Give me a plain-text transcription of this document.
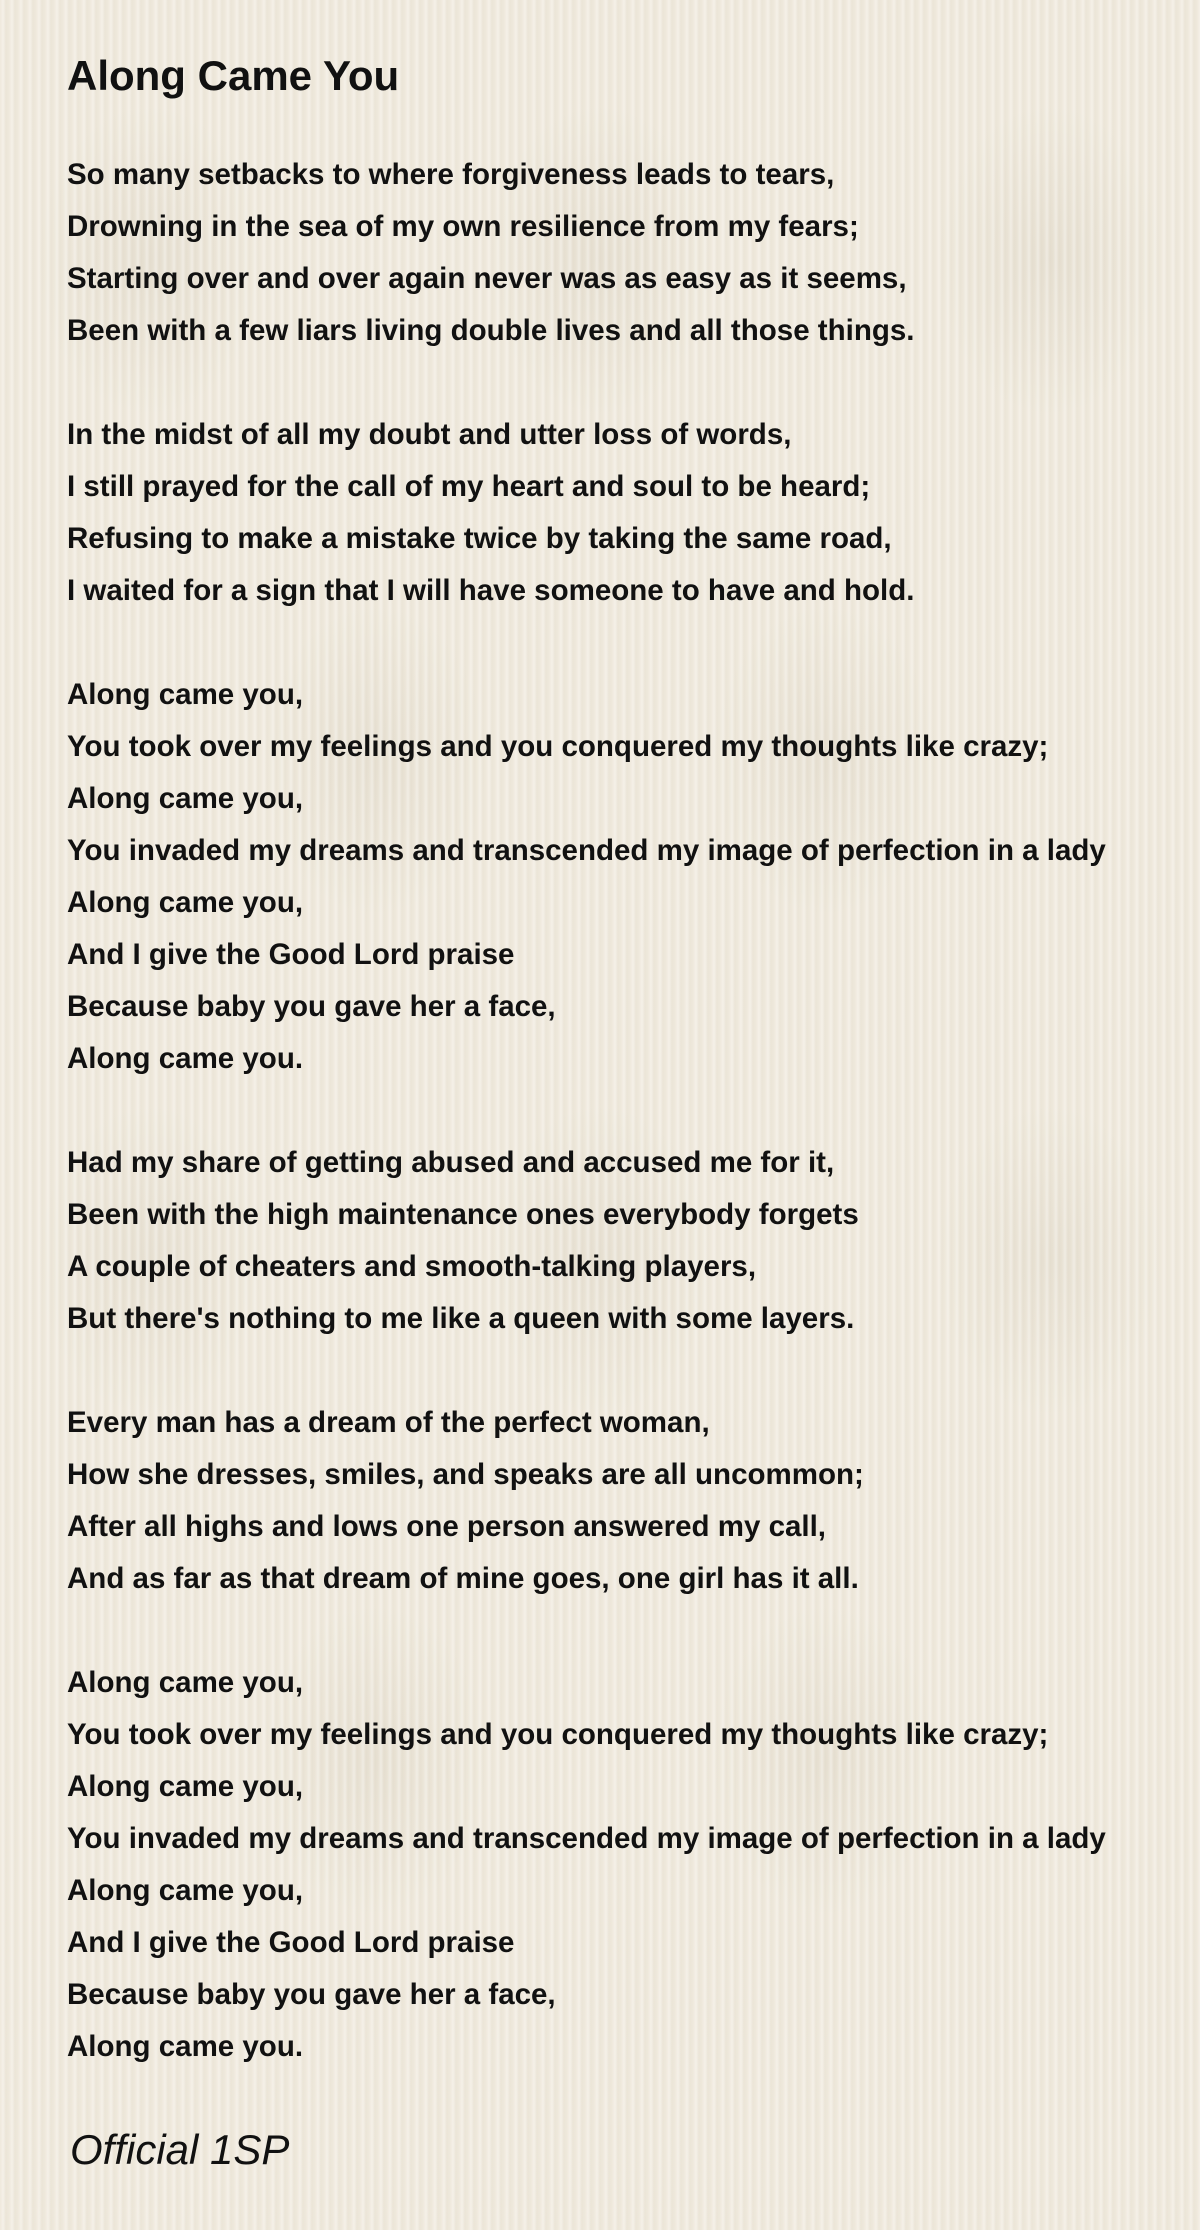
Along Came You
So many setbacks to where forgiveness leads to tears,
Drowning in the sea of my own resilience from my fears;
Starting over and over again never was as easy as it seems,
Been with a few liars living double lives and all those things.
In the midst of all my doubt and utter loss of words,
I still prayed for the call of my heart and soul to be heard;
Refusing to make a mistake twice by taking the same road,
I waited for a sign that I will have someone to have and hold.
Along came you,
You took over my feelings and you conquered my thoughts like crazy;
Along came you,
You invaded my dreams and transcended my image of perfection in a lady
Along came you,
And I give the Good Lord praise
Because baby you gave her a face,
Along came you.
Had my share of getting abused and accused me for it,
Been with the high maintenance ones everybody forgets
A couple of cheaters and smooth-talking players,
But there's nothing to me like a queen with some layers.
Every man has a dream of the perfect woman,
How she dresses, smiles, and speaks are all uncommon;
After all highs and lows one person answered my call,
And as far as that dream of mine goes, one girl has it all.
Along came you,
You took over my feelings and you conquered my thoughts like crazy;
Along came you,
You invaded my dreams and transcended my image of perfection in a lady
Along came you,
And I give the Good Lord praise
Because baby you gave her a face,
Along came you.
Official 1SP
